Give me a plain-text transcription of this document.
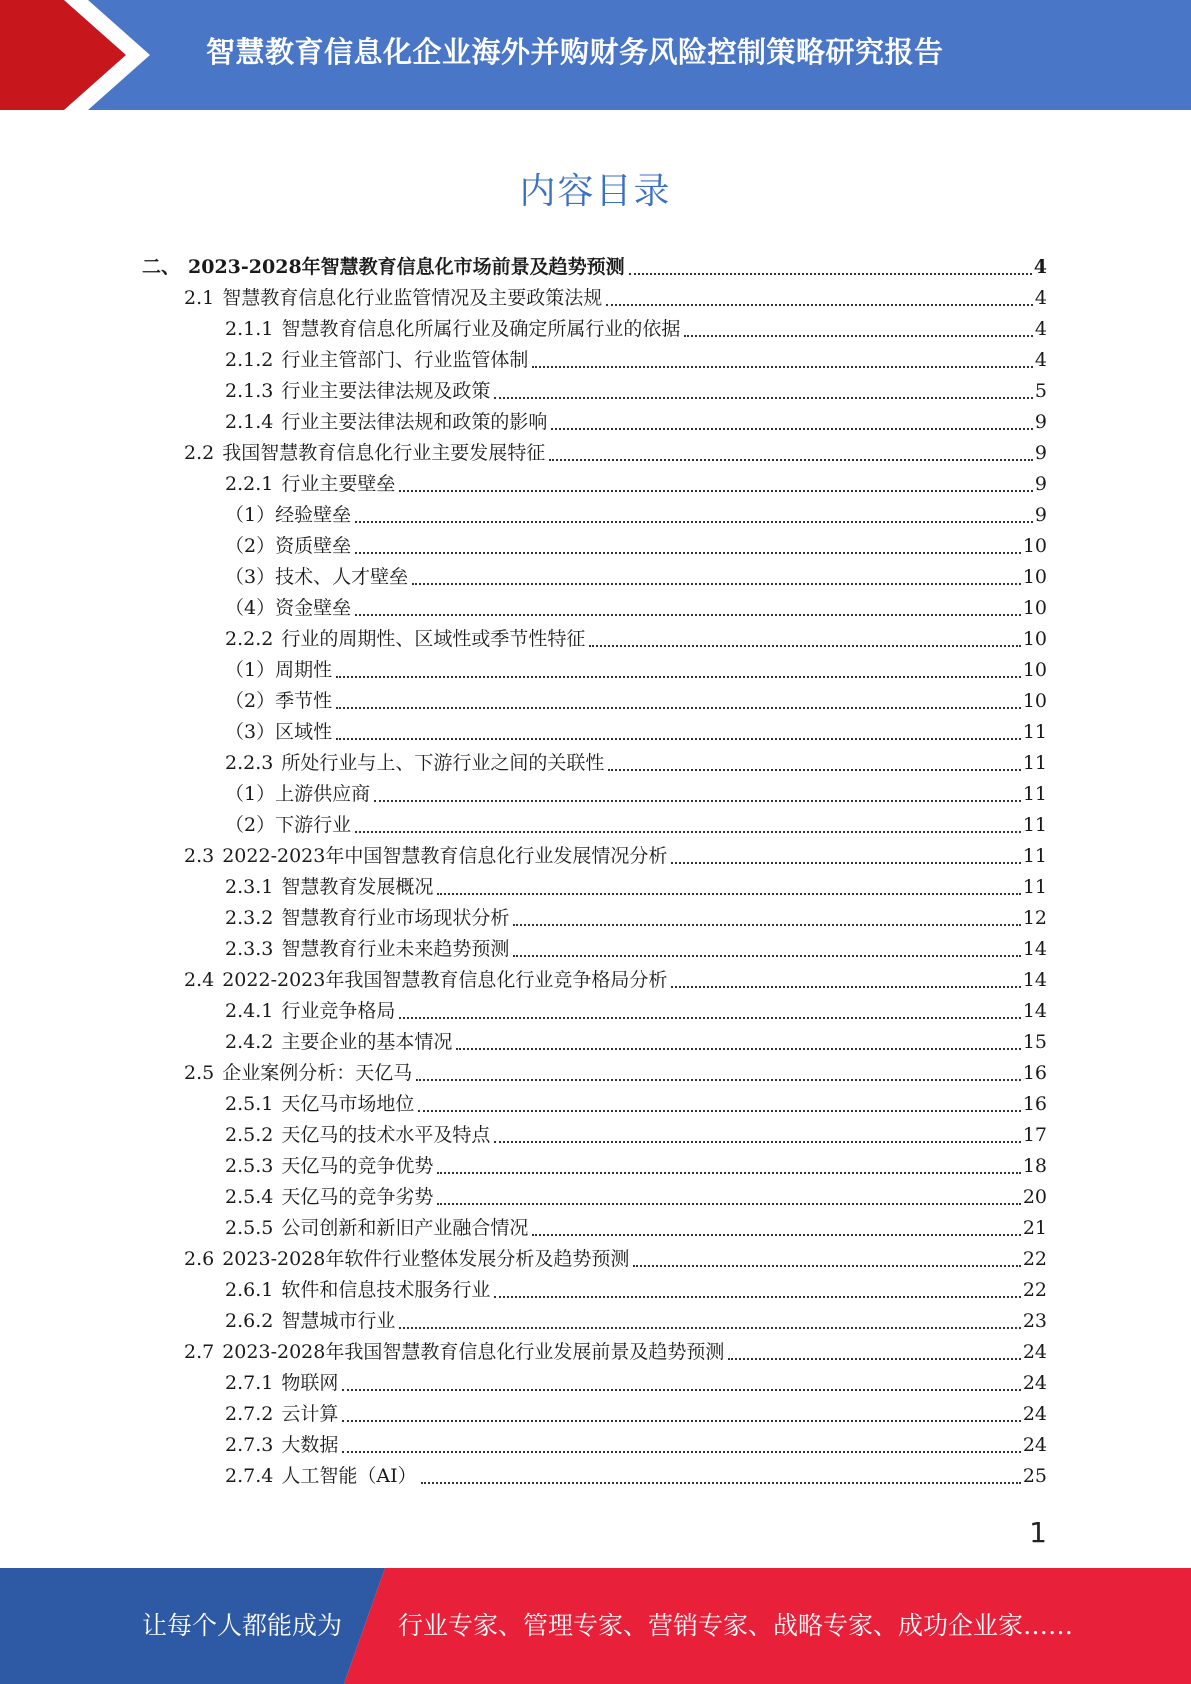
智慧教育信息化企业海外并购财务风险控制策略研究报告
内容目录
二、 2023-2028年智慧教育信息化市场前景及趋势预测	4
2.1 智慧教育信息化行业监管情况及主要政策法规	4
2.1.1 智慧教育信息化所属行业及确定所属行业的依据	4
2.1.2 行业主管部门、行业监管体制	4
2.1.3 行业主要法律法规及政策	5
2.1.4 行业主要法律法规和政策的影响	9
2.2 我国智慧教育信息化行业主要发展特征	9
2.2.1 行业主要壁垒	9
（1） 经验壁垒	9
（2） 资质壁垒	10
（3） 技术、人才壁垒	10
（4） 资金壁垒	10
2.2.2 行业的周期性、区域性或季节性特征	10
（1） 周期性	10
（2） 季节性	10
（3） 区域性	11
2.2.3 所处行业与上、下游行业之间的关联性	11
（1） 上游供应商	11
（2） 下游行业	11
2.3 2022-2023年中国智慧教育信息化行业发展情况分析	11
2.3.1 智慧教育发展概况	11
2.3.2 智慧教育行业市场现状分析	12
2.3.3 智慧教育行业未来趋势预测	14
2.4 2022-2023年我国智慧教育信息化行业竞争格局分析	14
2.4.1 行业竞争格局	14
2.4.2 主要企业的基本情况	15
2.5 企业案例分析：天亿马	16
2.5.1 天亿马市场地位	16
2.5.2 天亿马的技术水平及特点	17
2.5.3 天亿马的竞争优势	18
2.5.4 天亿马的竞争劣势	20
2.5.5 公司创新和新旧产业融合情况	21
2.6 2023-2028年软件行业整体发展分析及趋势预测	22
2.6.1 软件和信息技术服务行业	22
2.6.2 智慧城市行业	23
2.7 2023-2028年我国智慧教育信息化行业发展前景及趋势预测	24
2.7.1 物联网	24
2.7.2 云计算	24
2.7.3 大数据	24
2.7.4 人工智能（AI）	25
1
让每个人都能成为 行业专家、管理专家、营销专家、战略专家、成功企业家……
